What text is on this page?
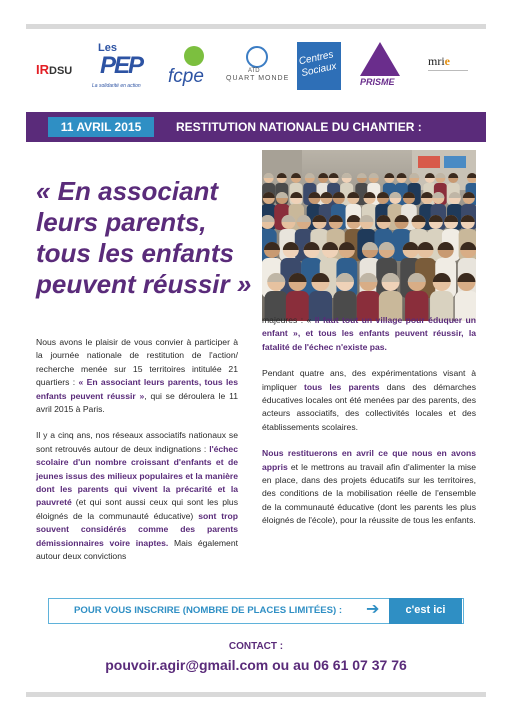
IRDSU
Les
PEP
La solidarité en action fcpe	ATD
QUART MONDE
Centres Sociaux
PRISME
mrie
11 AVRIL 2015	RESTITUTION NATIONALE DU CHANTIER :
« En associant leurs parents, tous les enfants peuvent réussir »

Nous avons le plaisir de vous convier à participer à la journée nationale de restitution de l'action/ recherche menée sur 15 territoires intitulée 21 quartiers : « En associant leurs parents, tous les enfants peuvent réussir », qui se déroulera le 11 avril 2015 à Paris.

Il y a cinq ans, nos réseaux associatifs nationaux se sont retrouvés autour de deux indignations : l'échec scolaire d'un nombre croissant d'enfants et de jeunes issus des milieux populaires et la manière dont les parents qui vivent la précarité et la pauvreté (et qui sont aussi ceux qui sont les plus éloignés de la communauté éducative) sont trop souvent considérés comme des parents démissionnaires voire inaptes. Mais également autour deux convictions

majeures : « Il faut tout un village pour éduquer un enfant », et tous les enfants peuvent réussir, la fatalité de l'échec n'existe pas.

Pendant quatre ans, des expérimentations visant à impliquer tous les parents dans des démarches éducatives locales ont été menées par des parents, des acteurs associatifs, des collectivités locales et des établissements scolaires.

Nous restituerons en avril ce que nous en avons appris et le mettrons au travail afin d'alimenter la mise en place, dans des projets éducatifs sur les territoires, des conditions de la mobilisation réelle de l'ensemble de la communauté éducative (dont les parents les plus éloignés de l'école), pour la réussite de tous les enfants.

POUR VOUS INSCRIRE (NOMBRE DE PLACES LIMITÉES) : ➔	c'est ici
CONTACT :
pouvoir.agir@gmail.com ou au 06 61 07 37 76
